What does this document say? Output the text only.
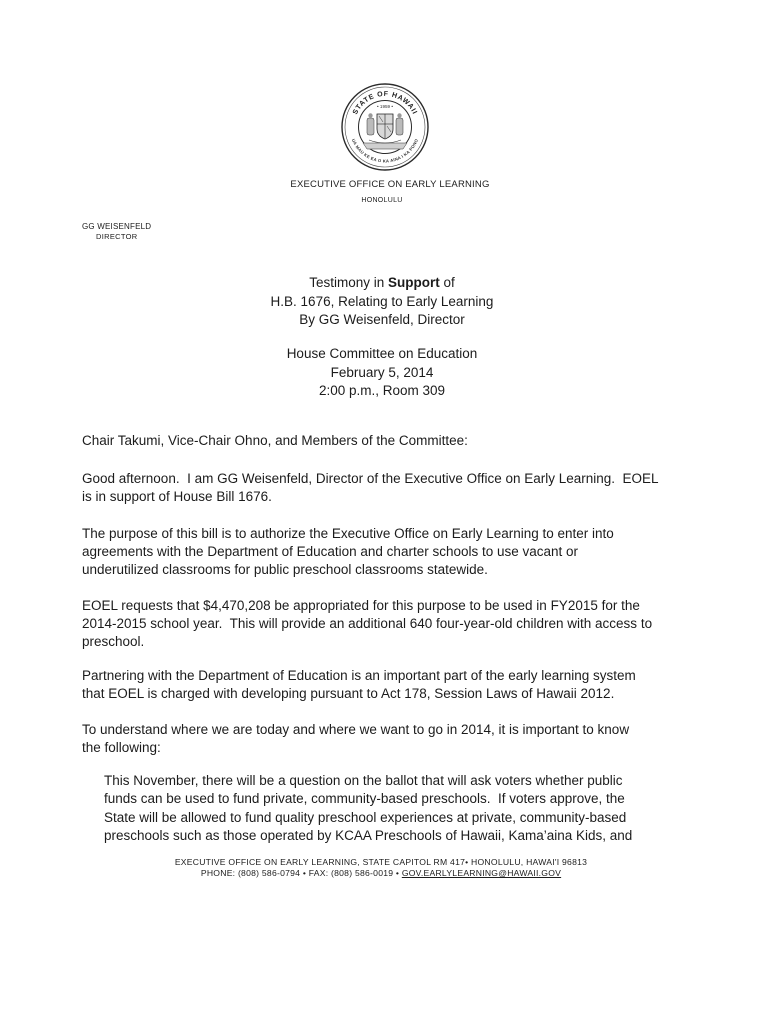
STATE OF HAWAII
UA MAU KE EA O KA AINA I KA PONO
• 1959 •
EXECUTIVE OFFICE ON EARLY LEARNING
HONOLULU
GG WEISENFELD
DIRECTOR
Testimony in Support of
H.B. 1676, Relating to Early Learning
By GG Weisenfeld, Director
House Committee on Education
February 5, 2014
2:00 p.m., Room 309
Chair Takumi, Vice-Chair Ohno, and Members of the Committee:
Good afternoon.  I am GG Weisenfeld, Director of the Executive Office on Early Learning.  EOEL
is in support of House Bill 1676.
The purpose of this bill is to authorize the Executive Office on Early Learning to enter into
agreements with the Department of Education and charter schools to use vacant or
underutilized classrooms for public preschool classrooms statewide.
EOEL requests that $4,470,208 be appropriated for this purpose to be used in FY2015 for the
2014-2015 school year.  This will provide an additional 640 four-year-old children with access to
preschool.
Partnering with the Department of Education is an important part of the early learning system
that EOEL is charged with developing pursuant to Act 178, Session Laws of Hawaii 2012.
To understand where we are today and where we want to go in 2014, it is important to know
the following:
This November, there will be a question on the ballot that will ask voters whether public
funds can be used to fund private, community-based preschools.  If voters approve, the
State will be allowed to fund quality preschool experiences at private, community-based
preschools such as those operated by KCAA Preschools of Hawaii, Kama’aina Kids, and
EXECUTIVE OFFICE ON EARLY LEARNING, STATE CAPITOL RM 417• HONOLULU, HAWAI'I 96813
PHONE: (808) 586-0794 • FAX: (808) 586-0019 • GOV.EARLYLEARNING@HAWAII.GOV
